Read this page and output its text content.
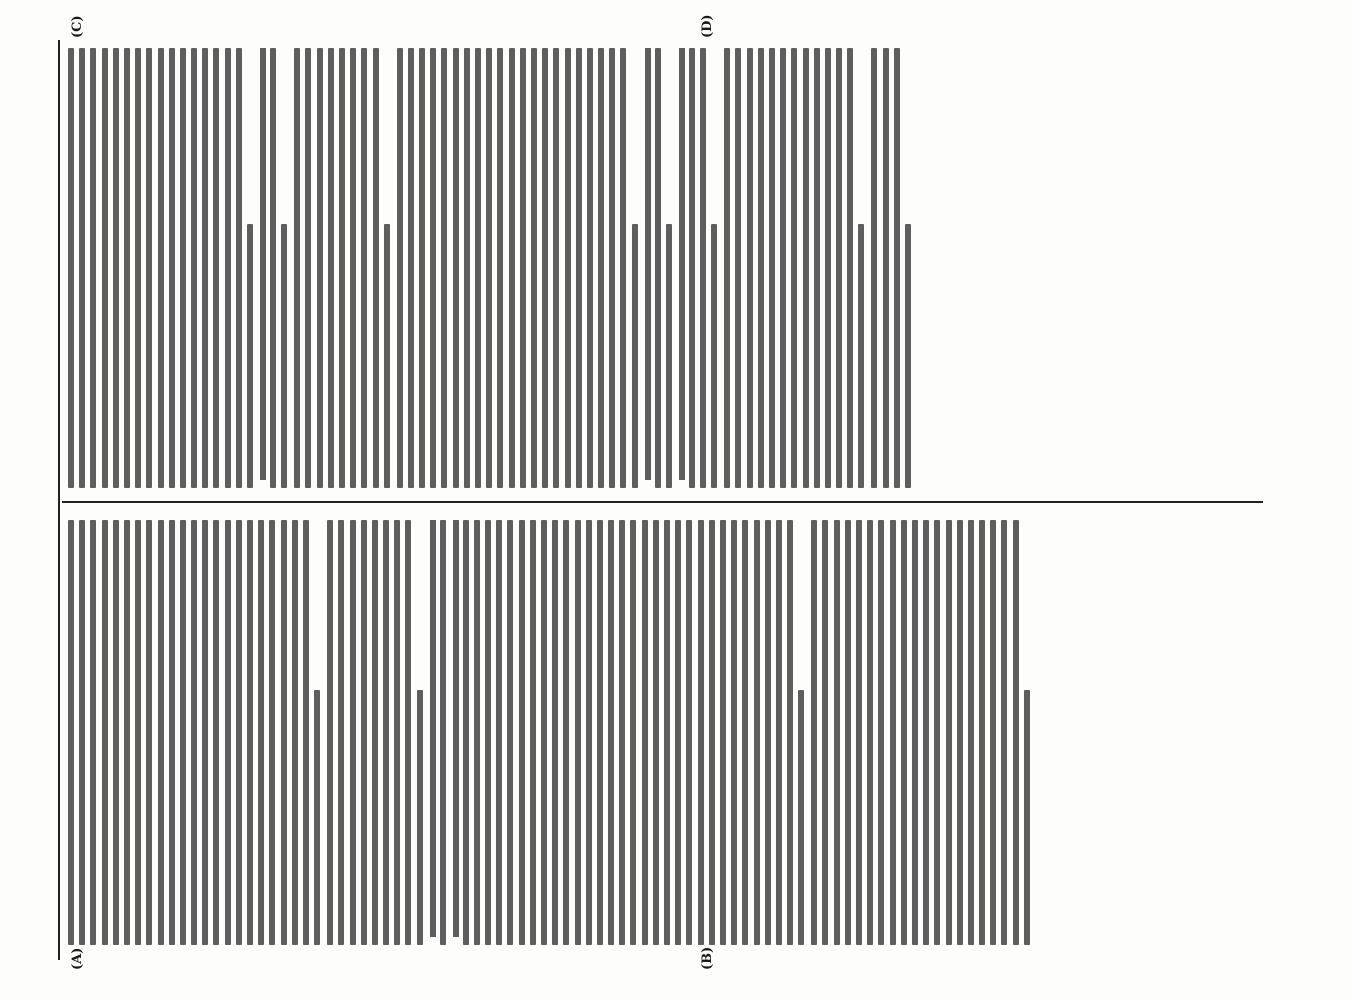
(A)	(B)
(C)	(D)
